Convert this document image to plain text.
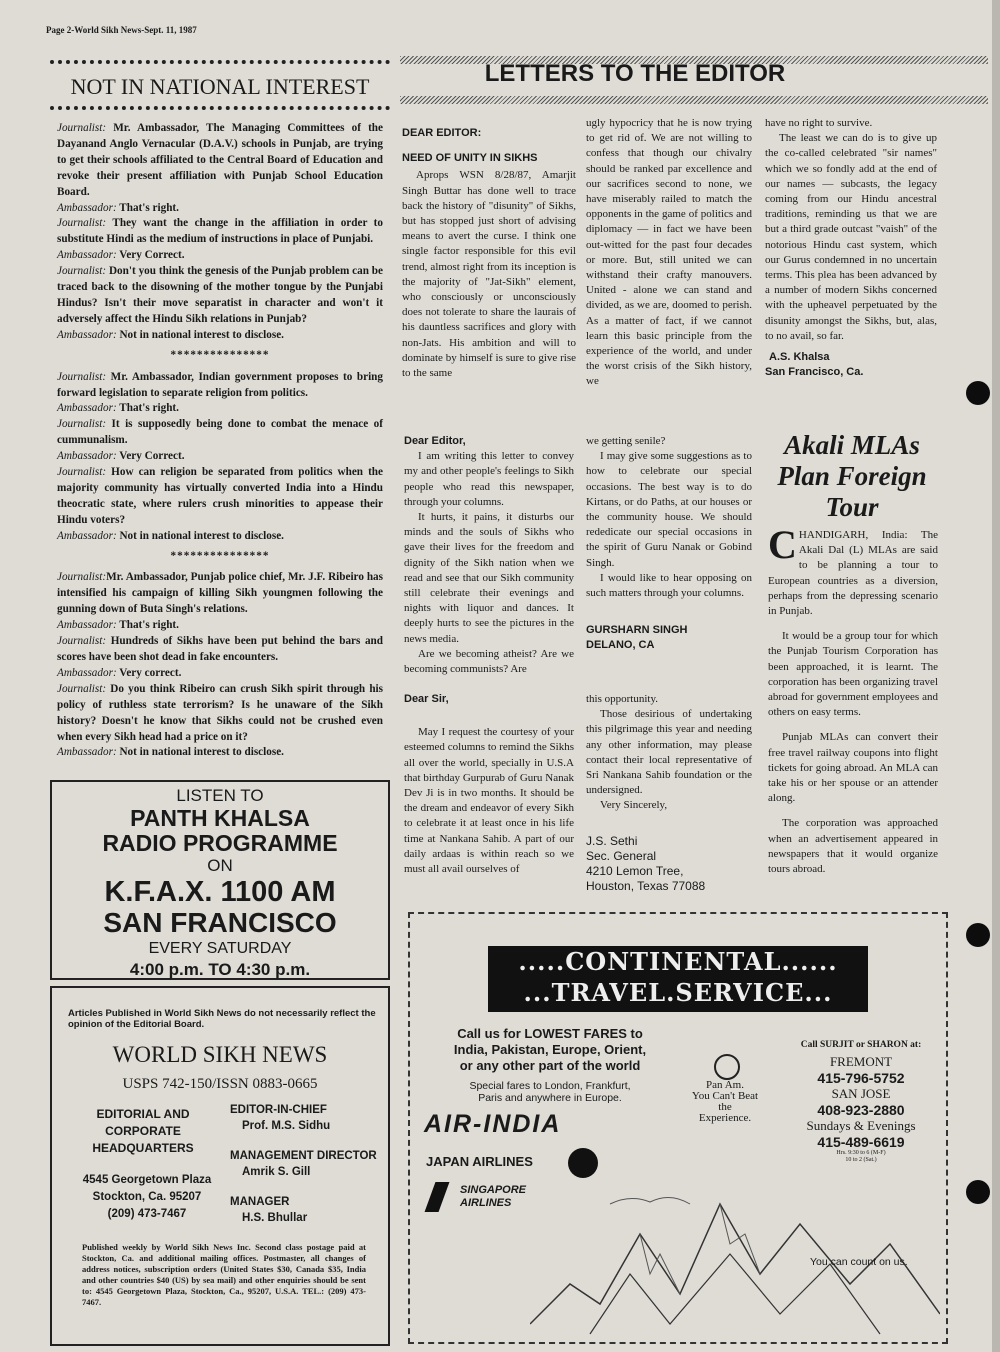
Page 2-World Sikh News-Sept. 11, 1987
NOT IN NATIONAL INTEREST

Journalist: Mr. Ambassador, The Managing Committees of the Dayanand Anglo Vernacular (D.A.V.) schools in Punjab, are trying to get their schools affiliated to the Central Board of Education and revoke their present affiliation with Punjab School Education Board.

Ambassador: That's right.

Journalist: They want the change in the affiliation in order to substitute Hindi as the medium of instructions in place of Punjabi.

Ambassador: Very Correct.

Journalist: Don't you think the genesis of the Punjab problem can be traced back to the disowning of the mother tongue by the Punjabi Hindus? Isn't their move separatist in character and won't it adversely affect the Hindu Sikh relations in Punjab?

Ambassador: Not in national interest to disclose.

***************

Journalist: Mr. Ambassador, Indian government proposes to bring forward legislation to separate religion from politics.

Ambassador: That's right.

Journalist: It is supposedly being done to combat the menace of cummunalism.

Ambassador: Very Correct.

Journalist: How can religion be separated from politics when the majority community has virtually converted India into a Hindu theocratic state, where rulers crush minorities to appease their Hindu voters?

Ambassador: Not in national interest to disclose.

***************

Journalist:Mr. Ambassador, Punjab police chief, Mr. J.F. Ribeiro has intensified his campaign of killing Sikh youngmen following the gunning down of Buta Singh's relations.

Ambassador: That's right.

Journalist: Hundreds of Sikhs have been put behind the bars and scores have been shot dead in fake encounters.

Ambassador: Very correct.

Journalist: Do you think Ribeiro can crush Sikh spirit through his policy of ruthless state terrorism? Is he unaware of the Sikh history? Doesn't he know that Sikhs could not be crushed even when every Sikh head had a price on it?

Ambassador: Not in national interest to disclose.

LISTEN TO
PANTH KHALSA
RADIO PROGRAMME
ON
K.F.A.X. 1100 AM
SAN FRANCISCO
EVERY SATURDAY
4:00 p.m. TO 4:30 p.m.
Articles Published in World Sikh News do not necessarily reflect the opinion of the Editorial Board.
WORLD SIKH NEWS
USPS 742-150/ISSN 0883-0665
EDITORIAL AND
CORPORATE
HEADQUARTERS
4545 Georgetown Plaza
Stockton, Ca. 95207
(209) 473-7467
EDITOR-IN-CHIEF
Prof. M.S. Sidhu
MANAGEMENT DIRECTOR
Amrik S. Gill
MANAGER
H.S. Bhullar
Published weekly by World Sikh News Inc. Second class postage paid at Stockton, Ca. and additional mailing offices. Postmaster, all changes of address notices, subscription orders (United States $30, Canada $35, India and other countries $40 (US) by sea mail) and other enquiries should be sent to: 4545 Georgetown Plaza, Stockton, Ca., 95207, U.S.A. TEL.: (209) 473-7467.
LETTERS TO THE EDITOR

DEAR EDITOR:

NEED OF UNITY IN SIKHS

Aprops WSN 8/28/87, Amarjit Singh Buttar has done well to trace back the history of "disunity" of Sikhs, but has stopped just short of advising means to avert the curse. I think one single factor responsible for this evil trend, almost right from its inception is the majority of "Jat-Sikh" element, who consciously or unconsciously does not tolerate to share the laurais of his dauntless sacrifices and glory with non-Jats. His ambition and will to dominate by himself is sure to give rise to the same

ugly hypocricy that he is now trying to get rid of. We are not willing to confess that though our chivalry should be ranked par excellence and our sacrifices second to none, we have miserably railed to match the opponents in the game of politics and diplomacy — in fact we have been out-witted for the past four decades or more. But, still united we can withstand their crafty manouvers. United - alone we can stand and divided, as we are, doomed to perish. As a matter of fact, if we cannot learn this basic principle from the experience of the world, and under the worst crisis of the Sikh history, we

have no right to survive.

The least we can do is to give up the co-called celebrated "sir names" which we so fondly add at the end of our names — subcasts, the legacy coming from our Hindu ancestral traditions, reminding us that we are but a third grade outcast "vaish" of the notorious Hindu cast system, which our Gurus condemned in no uncertain terms. This plea has been advanced by a number of modern Sikhs concerned with the upheavel perpetuated by the disunity amongst the Sikhs, but, alas, to no avail, so far.

A.S. Khalsa

San Francisco, Ca.

Dear Editor,

I am writing this letter to convey my and other people's feelings to Sikh people who read this newspaper, through your columns.

It hurts, it pains, it disturbs our minds and the souls of Sikhs who gave their lives for the freedom and dignity of the Sikh nation when we read and see that our Sikh community still celebrate their evenings and nights with liquor and dances. It deeply hurts to see the pictures in the news media.

Are we becoming atheist? Are we becoming communists? Are

we getting senile?

I may give some suggestions as to how to celebrate our special occasions. The best way is to do Kirtans, or do Paths, at our houses or the community house. We should rededicate our special occasions in the spirit of Guru Nanak or Gobind Singh.

I would like to hear opposing on such matters through your columns.

GURSHARN SINGH

DELANO, CA

Dear Sir,

May I request the courtesy of your esteemed columns to remind the Sikhs all over the world, specially in U.S.A that birthday Gurpurab of Guru Nanak Dev Ji is in two months. It should be the dream and endeavor of every Sikh to celebrate it at least once in his life time at Nankana Sahib. A part of our daily ardaas is within reach so we must all avail ourselves of

this opportunity.

Those desirious of undertaking this pilgrimage this year and needing any other information, may please contact their local representative of Sri Nankana Sahib foundation or the undersigned.

Very Sincerely,

J.S. Sethi
Sec. General
4210 Lemon Tree,
Houston, Texas 77088

Akali MLAs
Plan Foreign
Tour

CHANDIGARH, India: The Akali Dal (L) MLAs are said to be planning a tour to European countries as a diversion, perhaps from the depressing scenario in Punjab.

It would be a group tour for which the Punjab Tourism Corporation has been approached, it is learnt. The corporation has been organizing travel abroad for government employees and others on easy terms.

Punjab MLAs can convert their free travel railway coupons into flight tickets for going abroad. An MLA can take his or her spouse or an attender along.

The corporation was approached when an advertisement appeared in newspapers that it would organize tours abroad.

.....CONTINENTAL......
...TRAVEL.SERVICE...
Call us for LOWEST FARES to
India, Pakistan, Europe, Orient,
or any other part of the world
Special fares to London, Frankfurt,
Paris and anywhere in Europe.
AIR-INDIA
JAPAN AIRLINES
SINGAPORE
AIRLINES
Pan Am.
You Can't Beat
the
Experience.
Call SURJIT or SHARON at:
FREMONT
415-796-5752
SAN JOSE
408-923-2880
Sundays & Evenings
415-489-6619
Hrs. 9:30 to 6 (M-F)
10 to 2 (Sat.)
You can count on us.
